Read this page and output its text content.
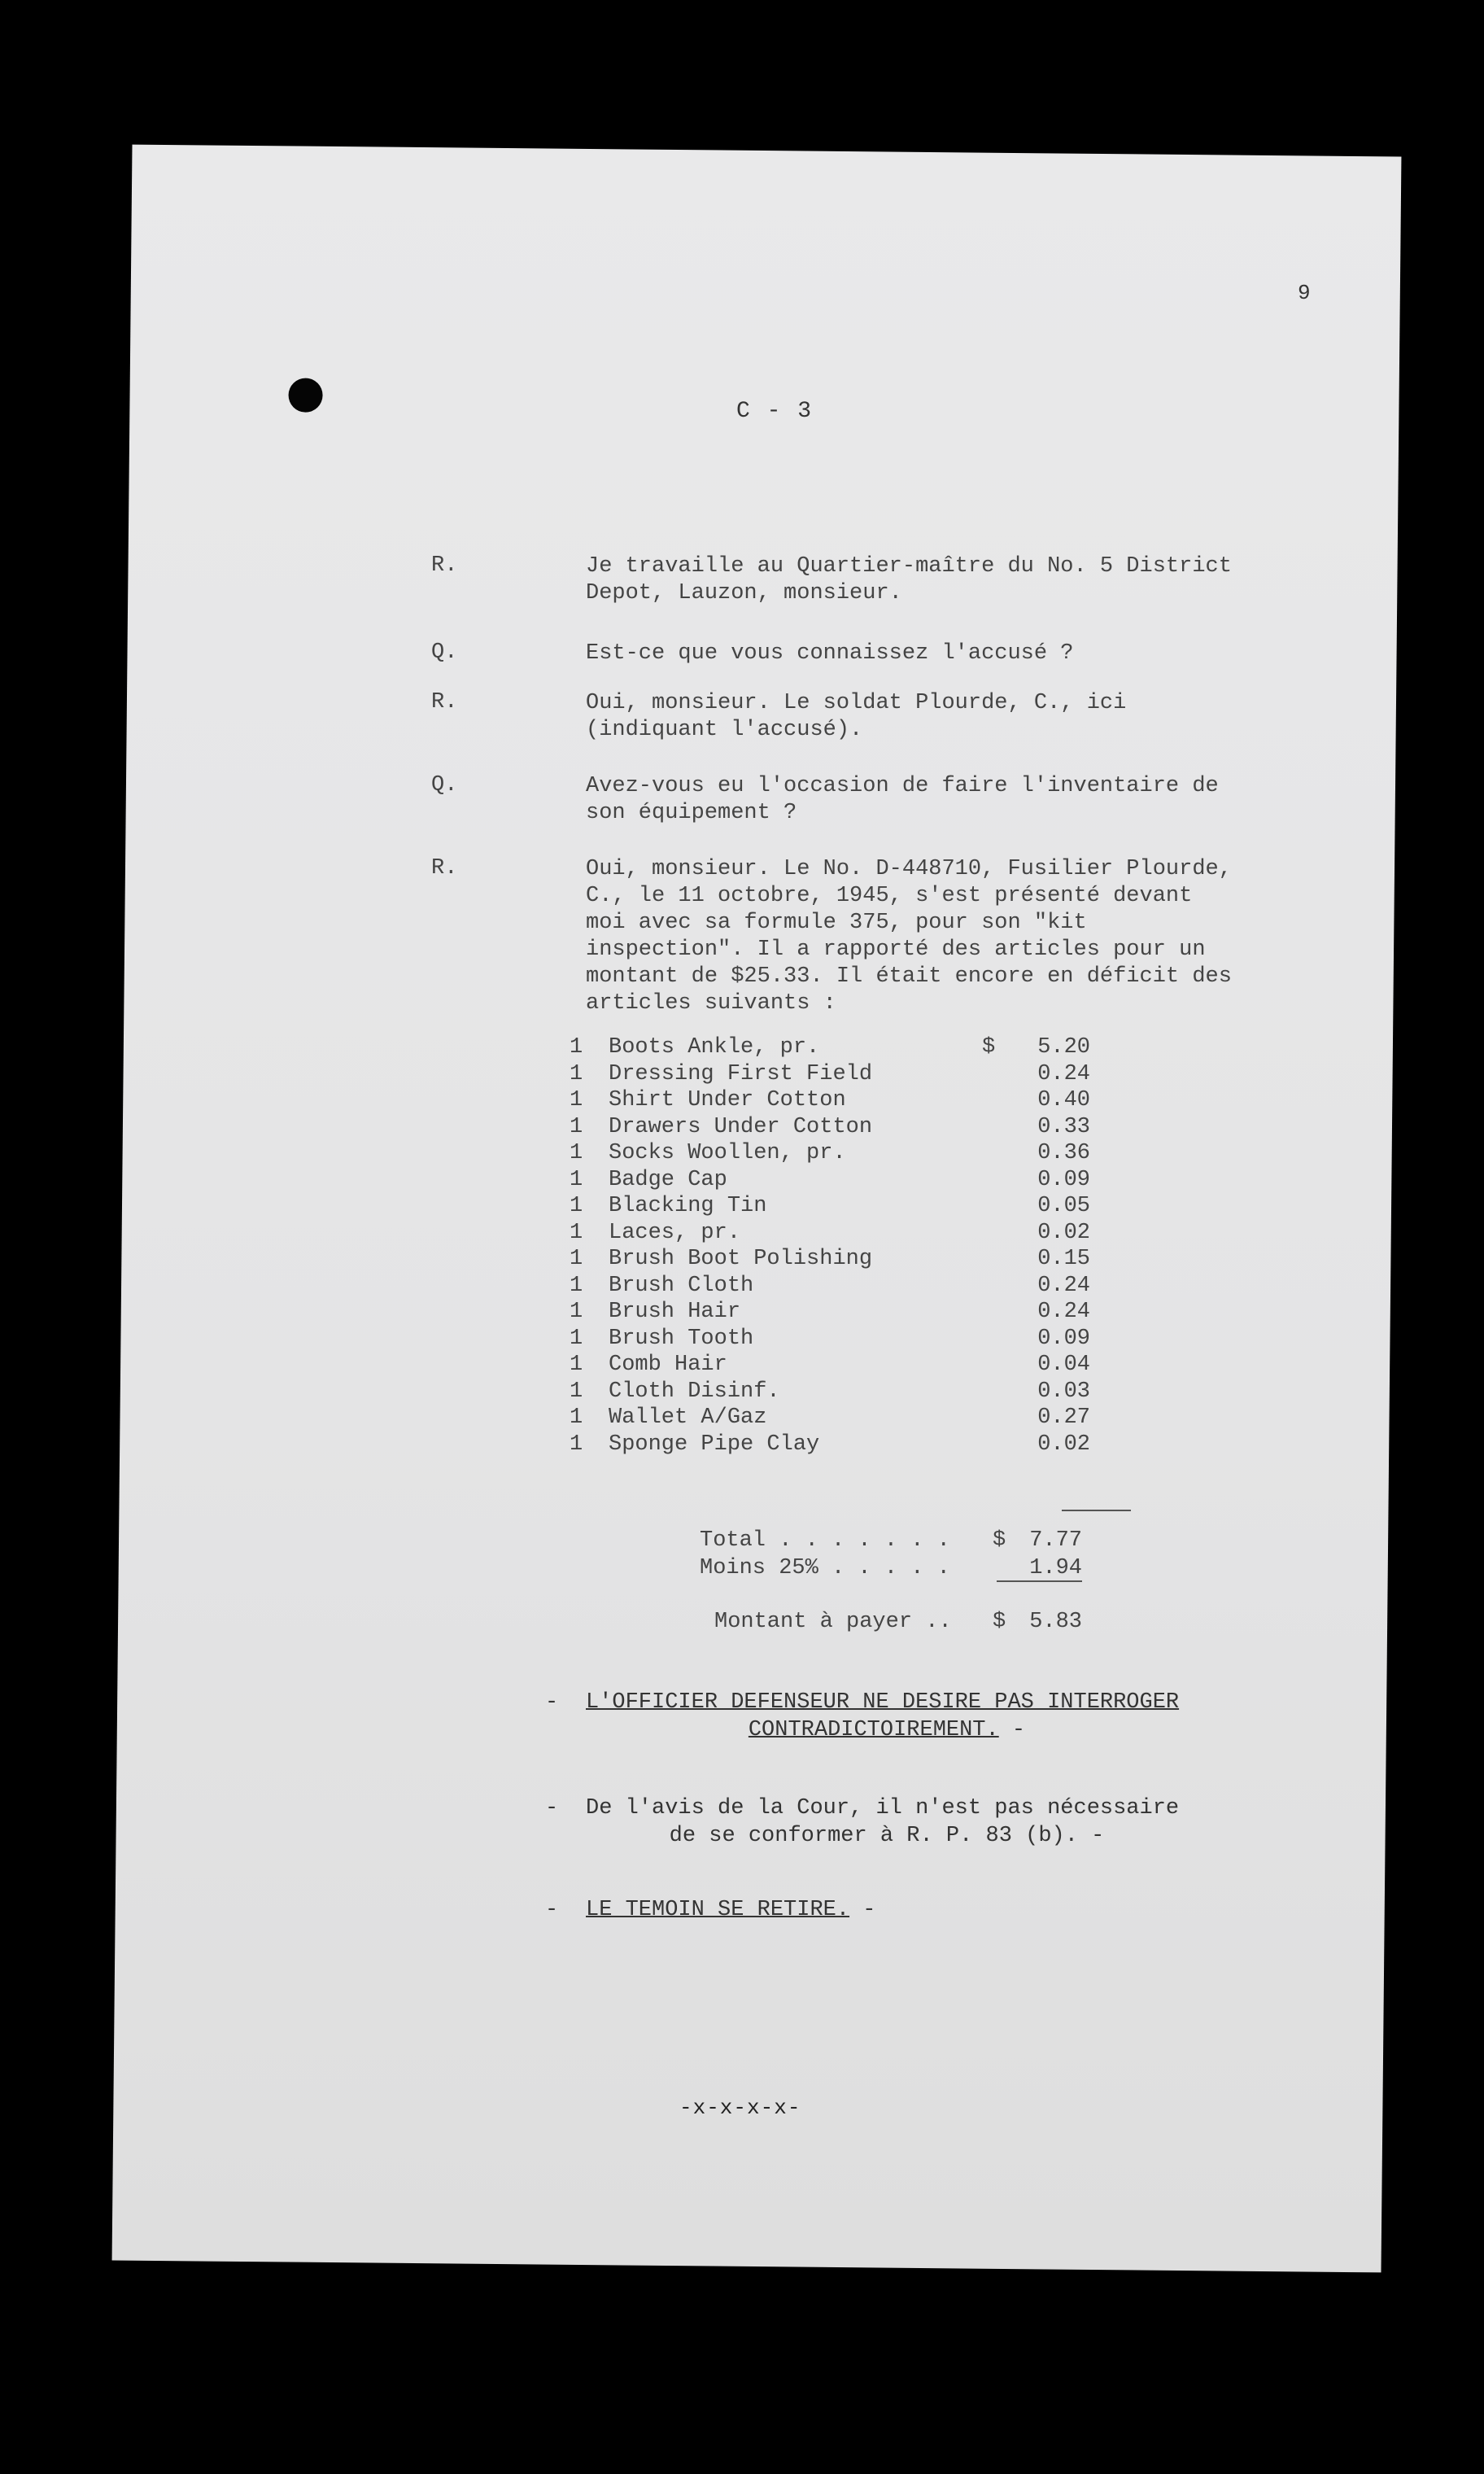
9
C - 3
R.	Je travaille au Quartier-maître du No. 5 District Depot, Lauzon, monsieur.
Q.	Est-ce que vous connaissez l'accusé ?
R.	Oui, monsieur. Le soldat Plourde, C., ici (indiquant l'accusé).
Q.	Avez-vous eu l'occasion de faire l'inventaire de son équipement ?
R.	Oui, monsieur. Le No. D-448710, Fusilier Plourde, C., le 11 octobre, 1945, s'est présenté devant moi avec sa formule 375, pour son "kit inspection". Il a rapporté des articles pour un montant de $25.33. Il était encore en déficit des articles suivants :
$
1 Boots Ankle, pr.	5.20
1 Dressing First Field	0.24
1 Shirt Under Cotton	0.40
1 Drawers Under Cotton	0.33
1 Socks Woollen, pr.	0.36
1 Badge Cap	0.09
1 Blacking Tin	0.05
1 Laces, pr.	0.02
1 Brush Boot Polishing	0.15
1 Brush Cloth	0.24
1 Brush Hair	0.24
1 Brush Tooth	0.09
1 Comb Hair	0.04
1 Cloth Disinf.	0.03
1 Wallet A/Gaz	0.27
1 Sponge Pipe Clay	0.02
Total . . . . . . . $ 7.77
Moins 25% . . . . .	1.94
Montant à payer .. $ 5.83
- L'OFFICIER DEFENSEUR NE DESIRE PAS INTERROGER
CONTRADICTOIREMENT. -
- De l'avis de la Cour, il n'est pas nécessaire
de se conformer à R. P. 83 (b). -
- LE TEMOIN SE RETIRE. -
-x-x-x-x-
